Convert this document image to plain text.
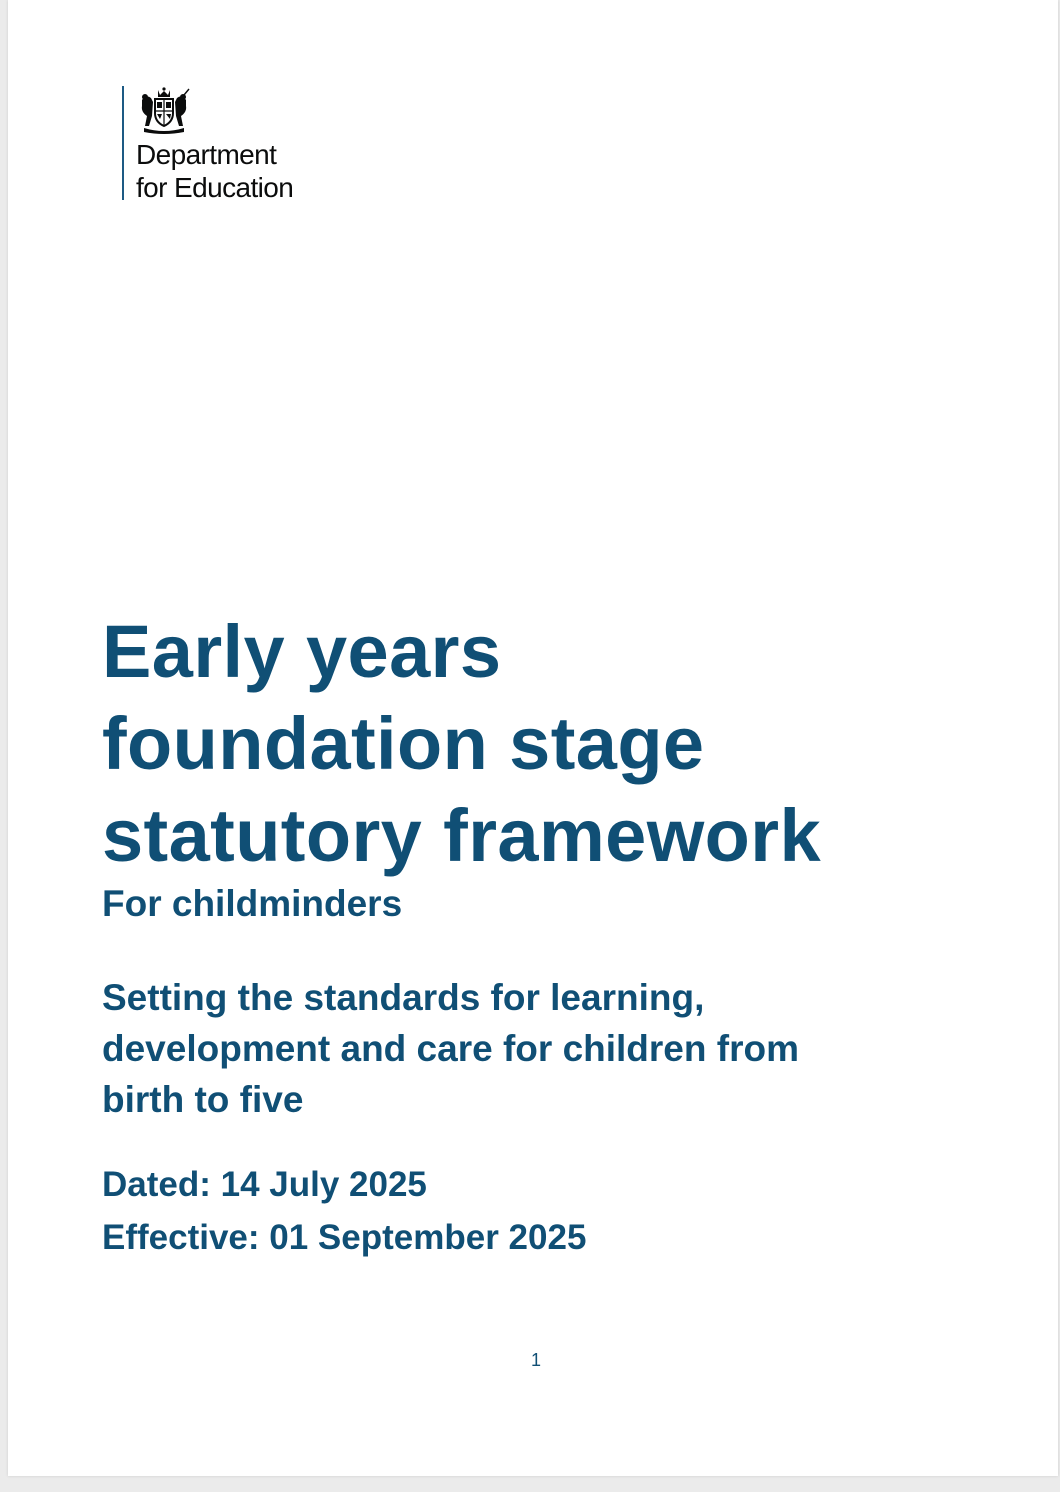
Department
for Education
Early years
foundation stage
statutory framework
For childminders
Setting the standards for learning, development and care for children from birth to five
Dated: 14 July 2025
Effective: 01 September 2025
1
